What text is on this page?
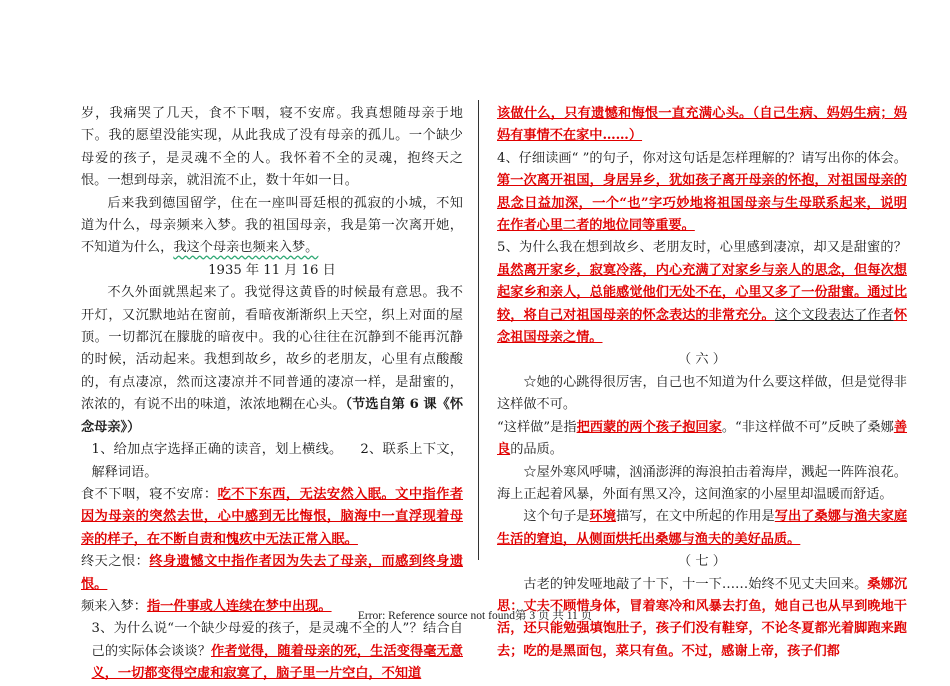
岁，我痛哭了几天，食不下咽，寝不安席。我真想随母亲于地下。我的愿望没能实现，从此我成了没有母亲的孤儿。一个缺少母爱的孩子，是灵魂不全的人。我怀着不全的灵魂，抱终天之恨。一想到母亲，就泪流不止，数十年如一日。

后来我到德国留学，住在一座叫哥廷根的孤寂的小城，不知道为什么，母亲频来入梦。我的祖国母亲，我是第一次离开她，不知道为什么，我这个母亲也频来入梦。

1935 年 11 月 16 日

不久外面就黑起来了。我觉得这黄昏的时候最有意思。我不开灯，又沉默地站在窗前，看暗夜渐渐织上天空，织上对面的屋顶。一切都沉在朦胧的暗夜中。我的心往往在沉静到不能再沉静的时候，活动起来。我想到故乡，故乡的老朋友，心里有点酸酸的，有点凄凉，然而这凄凉并不同普通的凄凉一样，是甜蜜的，浓浓的，有说不出的味道，浓浓地糊在心头。（节选自第 6 课《怀念母亲》）

1、给加点字选择正确的读音，划上横线。 2、联系上下文，解释词语。

食不下咽，寝不安席：吃不下东西，无法安然入眠。文中指作者因为母亲的突然去世，心中感到无比悔恨，脑海中一直浮现着母亲的样子，在不断自责和愧疚中无法正常入眠。

终天之恨：终身遗憾文中指作者因为失去了母亲，而感到终身遗恨。

频来入梦：指一件事或人连续在梦中出现。

3、为什么说“一个缺少母爱的孩子，是灵魂不全的人”？结合自己的实际体会谈谈？作者觉得，随着母亲的死，生活变得毫无意义，一切都变得空虚和寂寞了，脑子里一片空白，不知道

该做什么，只有遗憾和悔恨一直充满心头。（自己生病、妈妈生病；妈妈有事情不在家中……）

4、仔细读画“ ”的句子，你对这句话是怎样理解的？请写出你的体会。第一次离开祖国，身居异乡，犹如孩子离开母亲的怀抱，对祖国母亲的思念日益加深，一个“也”字巧妙地将祖国母亲与生母联系起来，说明在作者心里二者的地位同等重要。

5、为什么我在想到故乡、老朋友时，心里感到凄凉，却又是甜蜜的？虽然离开家乡，寂寞冷落，内心充满了对家乡与亲人的思念，但每次想起家乡和亲人，总能感觉他们无处不在，心里又多了一份甜蜜。通过比较，将自己对祖国母亲的怀念表达的非常充分。这个文段表达了作者怀念祖国母亲之情。

（ 六 ）

☆她的心跳得很厉害，自己也不知道为什么要这样做，但是觉得非这样做不可。

“这样做”是指把西蒙的两个孩子抱回家。“非这样做不可”反映了桑娜善良的品质。

☆屋外寒风呼啸，汹涌澎湃的海浪拍击着海岸，溅起一阵阵浪花。海上正起着风暴，外面有黑又冷，这间渔家的小屋里却温暖而舒适。

这个句子是环境描写，在文中所起的作用是写出了桑娜与渔夫家庭生活的窘迫，从侧面烘托出桑娜与渔夫的美好品质。

（ 七 ）

古老的钟发哑地敲了十下，十一下……始终不见丈夫回来。桑娜沉思：丈夫不顾惜身体，冒着寒冷和风暴去打鱼，她自己也从早到晚地干活，还只能勉强填饱肚子，孩子们没有鞋穿，不论冬夏都光着脚跑来跑去；吃的是黑面包，菜只有鱼。不过，感谢上帝，孩子们都

Error: Reference source not found第 3 页 共 11 页
